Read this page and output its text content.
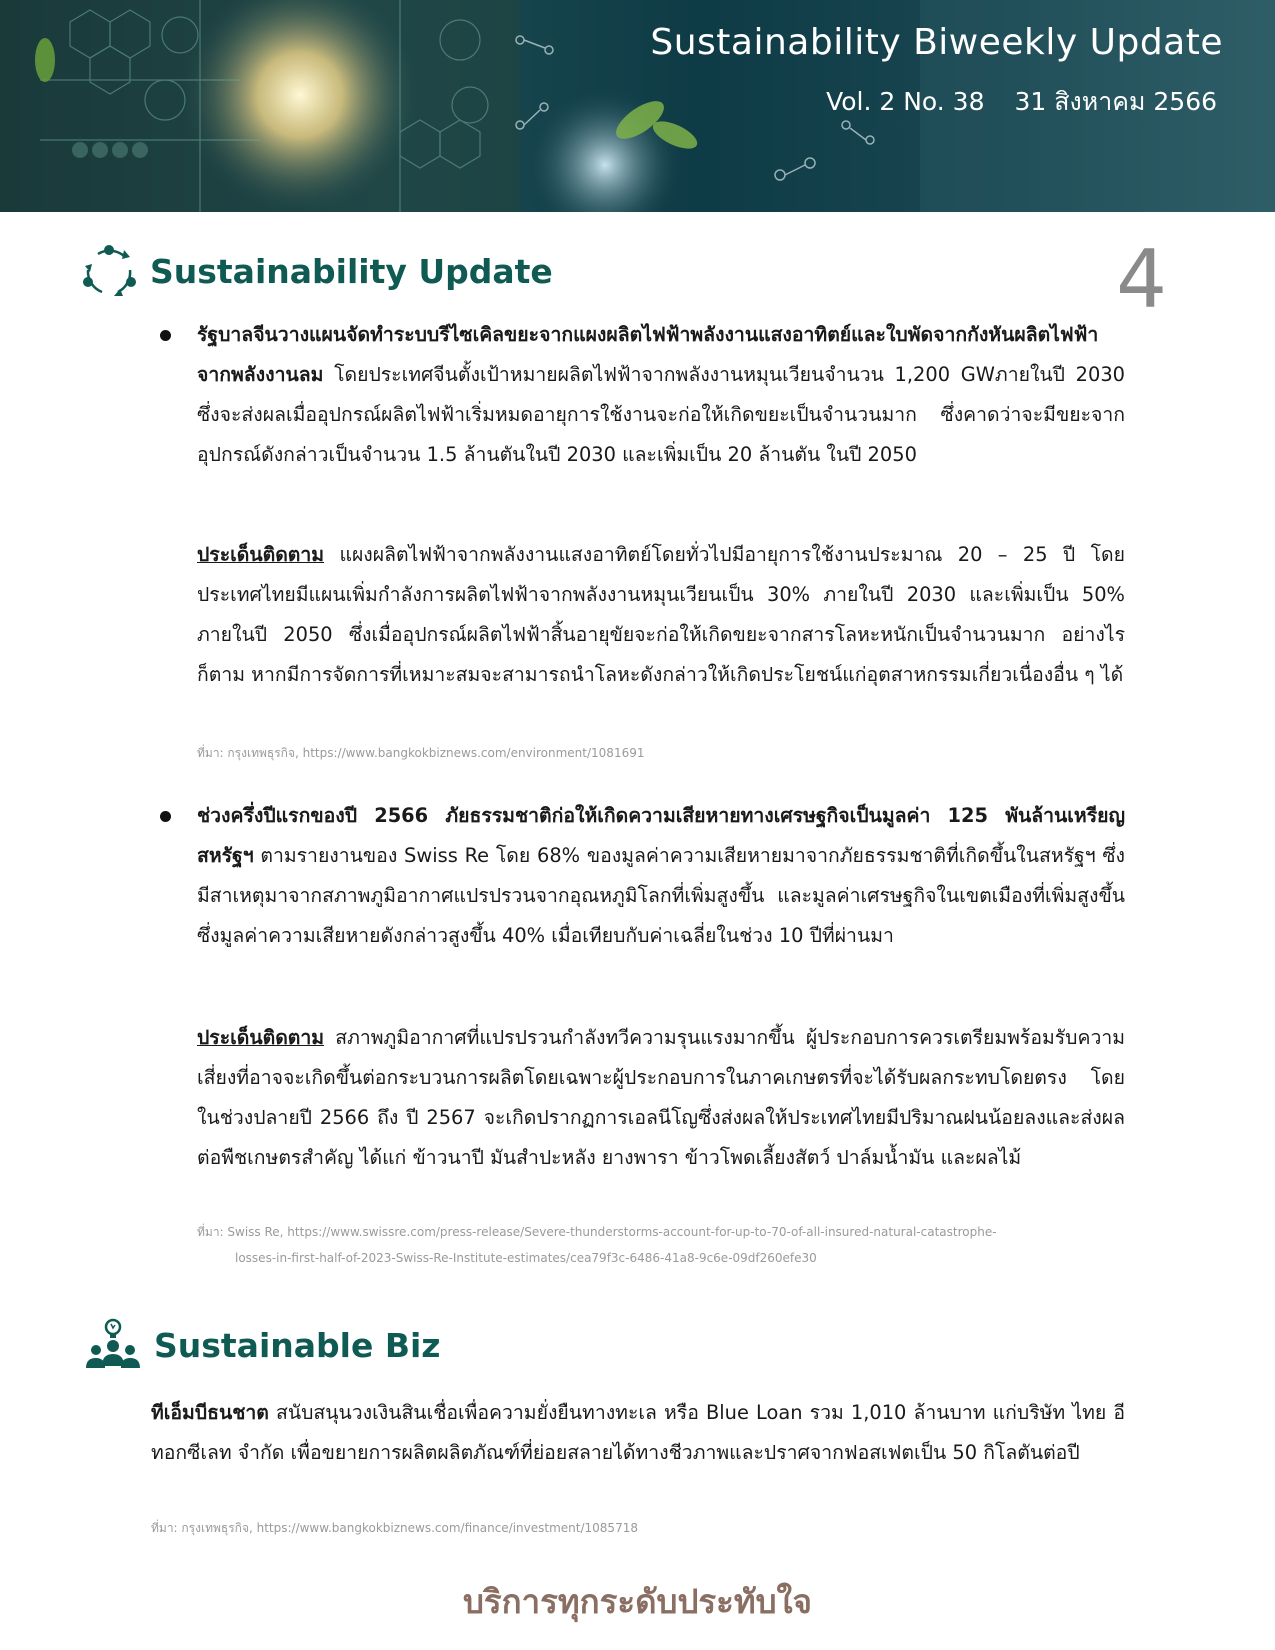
Sustainability Biweekly Update
Vol. 2 No. 38 31 สิงหาคม 2566
4
Sustainability Update
รัฐบาลจีนวางแผนจัดทำระบบรีไซเคิลขยะจากแผงผลิตไฟฟ้าพลังงานแสงอาทิตย์และใบพัดจากกังหันผลิตไฟฟ้าจากพลังงานลม โดยประเทศจีนตั้งเป้าหมายผลิตไฟฟ้าจากพลังงานหมุนเวียนจำนวน 1,200 GWภายในปี 2030 ซึ่งจะส่งผลเมื่ออุปกรณ์ผลิตไฟฟ้าเริ่มหมดอายุการใช้งานจะก่อให้เกิดขยะเป็นจำนวนมาก ซึ่งคาดว่าจะมีขยะจากอุปกรณ์ดังกล่าวเป็นจำนวน 1.5 ล้านตันในปี 2030 และเพิ่มเป็น 20 ล้านตัน ในปี 2050
ประเด็นติดตาม แผงผลิตไฟฟ้าจากพลังงานแสงอาทิตย์โดยทั่วไปมีอายุการใช้งานประมาณ 20 – 25 ปี โดยประเทศไทยมีแผนเพิ่มกำลังการผลิตไฟฟ้าจากพลังงานหมุนเวียนเป็น 30% ภายในปี 2030 และเพิ่มเป็น 50% ภายในปี 2050 ซึ่งเมื่ออุปกรณ์ผลิตไฟฟ้าสิ้นอายุขัยจะก่อให้เกิดขยะจากสารโลหะหนักเป็นจำนวนมาก อย่างไรก็ตาม หากมีการจัดการที่เหมาะสมจะสามารถนำโลหะดังกล่าวให้เกิดประโยชน์แก่อุตสาหกรรมเกี่ยวเนื่องอื่น ๆ ได้
ที่มา: กรุงเทพธุรกิจ, https://www.bangkokbiznews.com/environment/1081691
ช่วงครึ่งปีแรกของปี 2566 ภัยธรรมชาติก่อให้เกิดความเสียหายทางเศรษฐกิจเป็นมูลค่า 125 พันล้านเหรียญสหรัฐฯ ตามรายงานของ Swiss Re โดย 68% ของมูลค่าความเสียหายมาจากภัยธรรมชาติที่เกิดขึ้นในสหรัฐฯ ซึ่งมีสาเหตุมาจากสภาพภูมิอากาศแปรปรวนจากอุณหภูมิโลกที่เพิ่มสูงขึ้น และมูลค่าเศรษฐกิจในเขตเมืองที่เพิ่มสูงขึ้น ซึ่งมูลค่าความเสียหายดังกล่าวสูงขึ้น 40% เมื่อเทียบกับค่าเฉลี่ยในช่วง 10 ปีที่ผ่านมา
ประเด็นติดตาม สภาพภูมิอากาศที่แปรปรวนกำลังทวีความรุนแรงมากขึ้น ผู้ประกอบการควรเตรียมพร้อมรับความเสี่ยงที่อาจจะเกิดขึ้นต่อกระบวนการผลิตโดยเฉพาะผู้ประกอบการในภาคเกษตรที่จะได้รับผลกระทบโดยตรง โดยในช่วงปลายปี 2566 ถึง ปี 2567 จะเกิดปรากฏการเอลนีโญซึ่งส่งผลให้ประเทศไทยมีปริมาณฝนน้อยลงและส่งผลต่อพืชเกษตรสำคัญ ได้แก่ ข้าวนาปี มันสำปะหลัง ยางพารา ข้าวโพดเลี้ยงสัตว์ ปาล์มน้ำมัน และผลไม้
ที่มา: Swiss Re, https://www.swissre.com/press-release/Severe-thunderstorms-account-for-up-to-70-of-all-insured-natural-catastrophe-
losses-in-first-half-of-2023-Swiss-Re-Institute-estimates/cea79f3c-6486-41a8-9c6e-09df260efe30
Sustainable Biz
ทีเอ็มบีธนชาต สนับสนุนวงเงินสินเชื่อเพื่อความยั่งยืนทางทะเล หรือ Blue Loan รวม 1,010 ล้านบาท แก่บริษัท ไทย อีทอกซีเลท จำกัด เพื่อขยายการผลิตผลิตภัณฑ์ที่ย่อยสลายได้ทางชีวภาพและปราศจากฟอสเฟตเป็น 50 กิโลตันต่อปี
ที่มา: กรุงเทพธุรกิจ, https://www.bangkokbiznews.com/finance/investment/1085718
บริการทุกระดับประทับใจ
